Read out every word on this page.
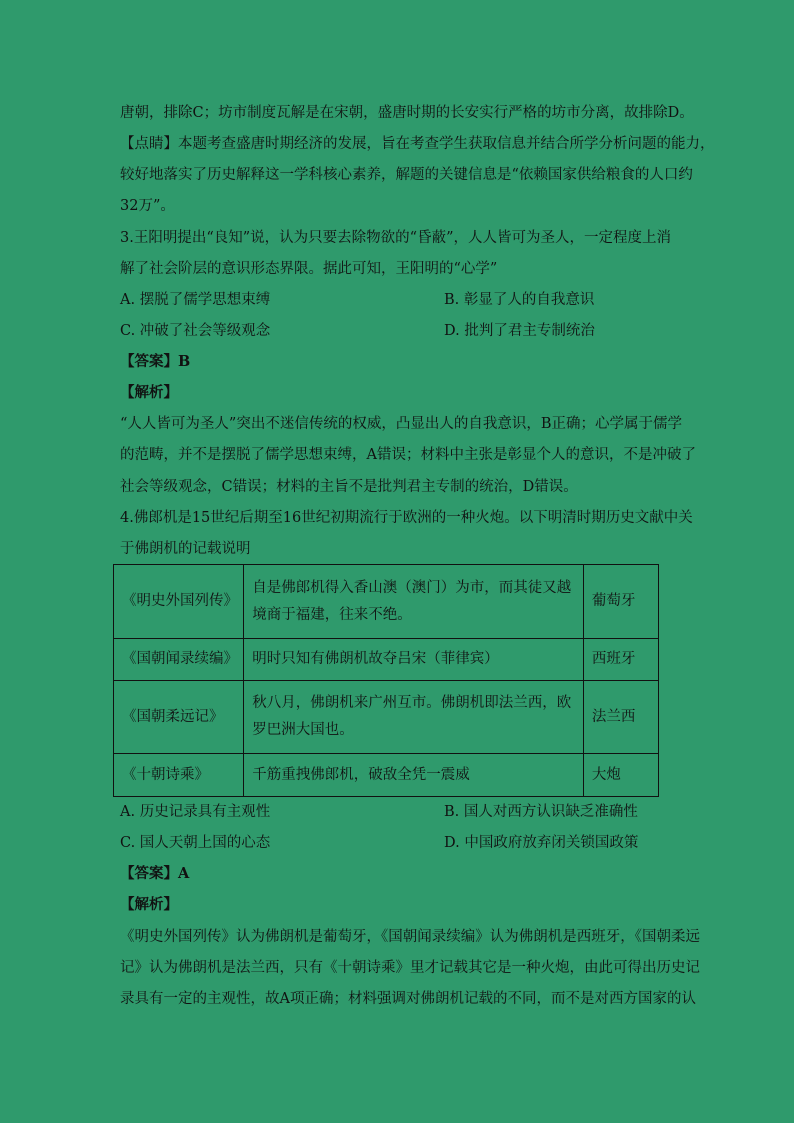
唐朝，排除C；坊市制度瓦解是在宋朝，盛唐时期的长安实行严格的坊市分离，故排除D。
【点睛】本题考查盛唐时期经济的发展，旨在考查学生获取信息并结合所学分析问题的能力，
较好地落实了历史解释这一学科核心素养，解题的关键信息是“依赖国家供给粮食的人口约
32万”。
3.王阳明提出“良知”说，认为只要去除物欲的“昏蔽”，人人皆可为圣人，一定程度上消
解了社会阶层的意识形态界限。据此可知，王阳明的“心学”
A. 摆脱了儒学思想束缚	B. 彰显了人的自我意识
C. 冲破了社会等级观念	D. 批判了君主专制统治
【答案】B
【解析】
“人人皆可为圣人”突出不迷信传统的权威，凸显出人的自我意识，B正确；心学属于儒学
的范畴，并不是摆脱了儒学思想束缚，A错误；材料中主张是彰显个人的意识，不是冲破了
社会等级观念，C错误；材料的主旨不是批判君主专制的统治，D错误。
4.佛郎机是15世纪后期至16世纪初期流行于欧洲的一种火炮。以下明清时期历史文献中关
于佛朗机的记载说明
《明史外国列传》	自是佛郎机得入香山澳（澳门）为市，而其徒又越境商于福建，往来不绝。	葡萄牙
《国朝闻录续编》	明时只知有佛朗机故夺吕宋（菲律宾）	西班牙
《国朝柔远记》	秋八月，佛朗机来广州互市。佛朗机即法兰西，欧罗巴洲大国也。	法兰西
《十朝诗乘》	千筋重拽佛郎机，破敌全凭一震威	大炮
A. 历史记录具有主观性	B. 国人对西方认识缺乏准确性
C. 国人天朝上国的心态	D. 中国政府放弃闭关锁国政策
【答案】A
【解析】
《明史外国列传》认为佛朗机是葡萄牙，《国朝闻录续编》认为佛朗机是西班牙，《国朝柔远
记》认为佛朗机是法兰西，只有《十朝诗乘》里才记载其它是一种火炮，由此可得出历史记
录具有一定的主观性，故A项正确；材料强调对佛朗机记载的不同，而不是对西方国家的认
